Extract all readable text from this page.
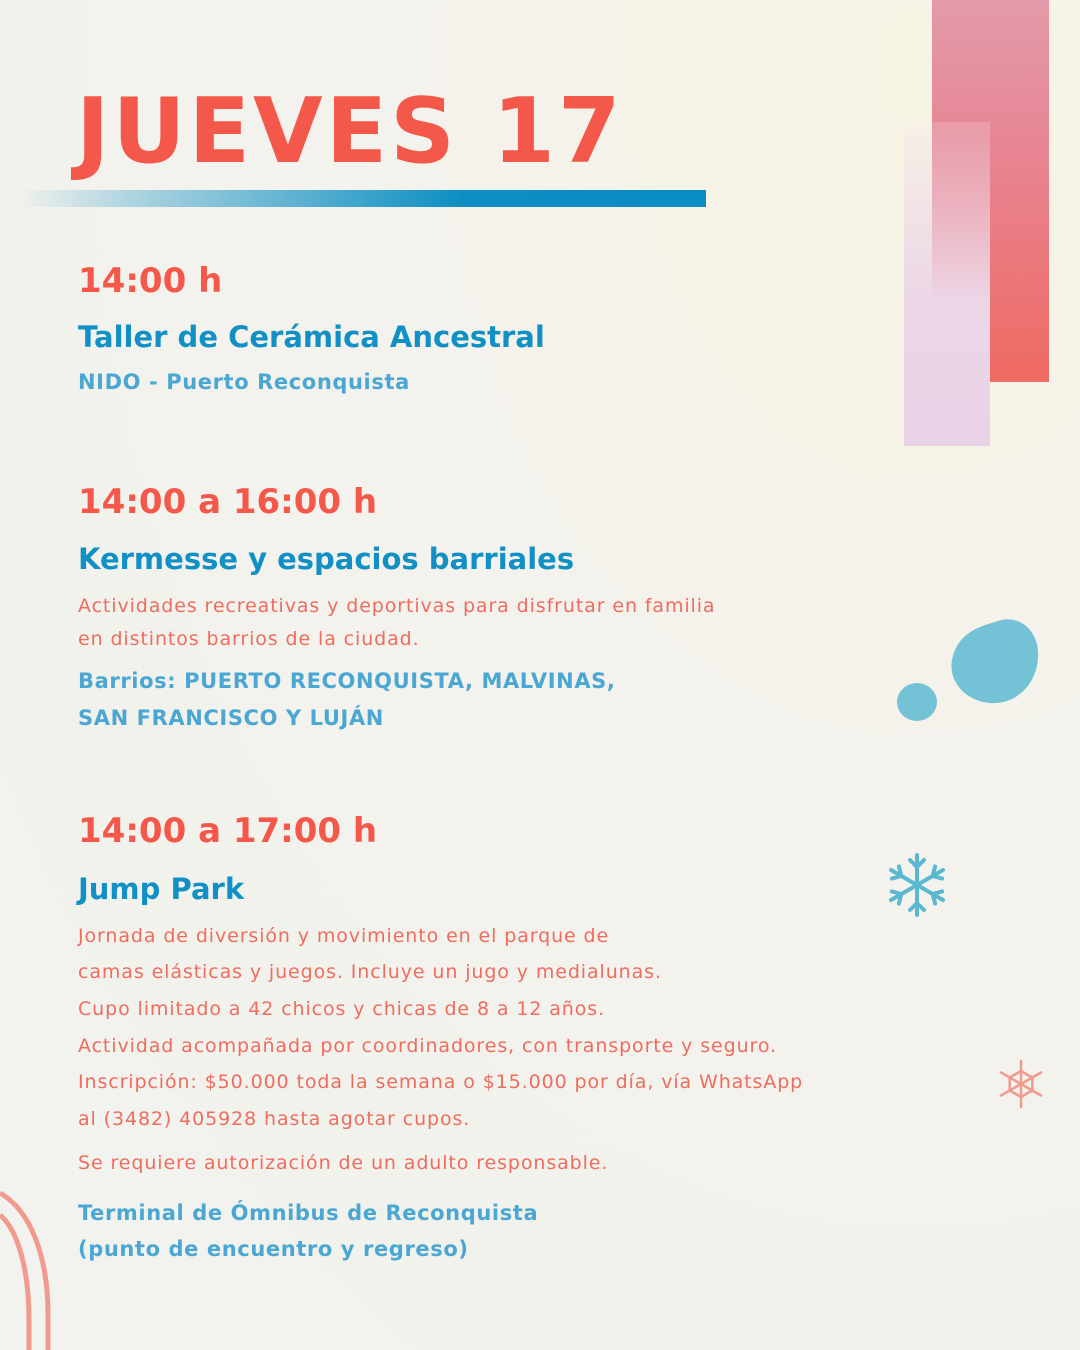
JUEVES 17

14:00 h

Taller de Cerámica Ancestral

NIDO - Puerto Reconquista

14:00 a 16:00 h

Kermesse y espacios barriales

Actividades recreativas y deportivas para disfrutar en familia

en distintos barrios de la ciudad.

Barrios: PUERTO RECONQUISTA, MALVINAS,

SAN FRANCISCO Y LUJÁN

14:00 a 17:00 h

Jump Park

Jornada de diversión y movimiento en el parque de

camas elásticas y juegos. Incluye un jugo y medialunas.

Cupo limitado a 42 chicos y chicas de 8 a 12 años.

Actividad acompañada por coordinadores, con transporte y seguro.

Inscripción: $50.000 toda la semana o $15.000 por día, vía WhatsApp

al (3482) 405928 hasta agotar cupos.

Se requiere autorización de un adulto responsable.

Terminal de Ómnibus de Reconquista

(punto de encuentro y regreso)
